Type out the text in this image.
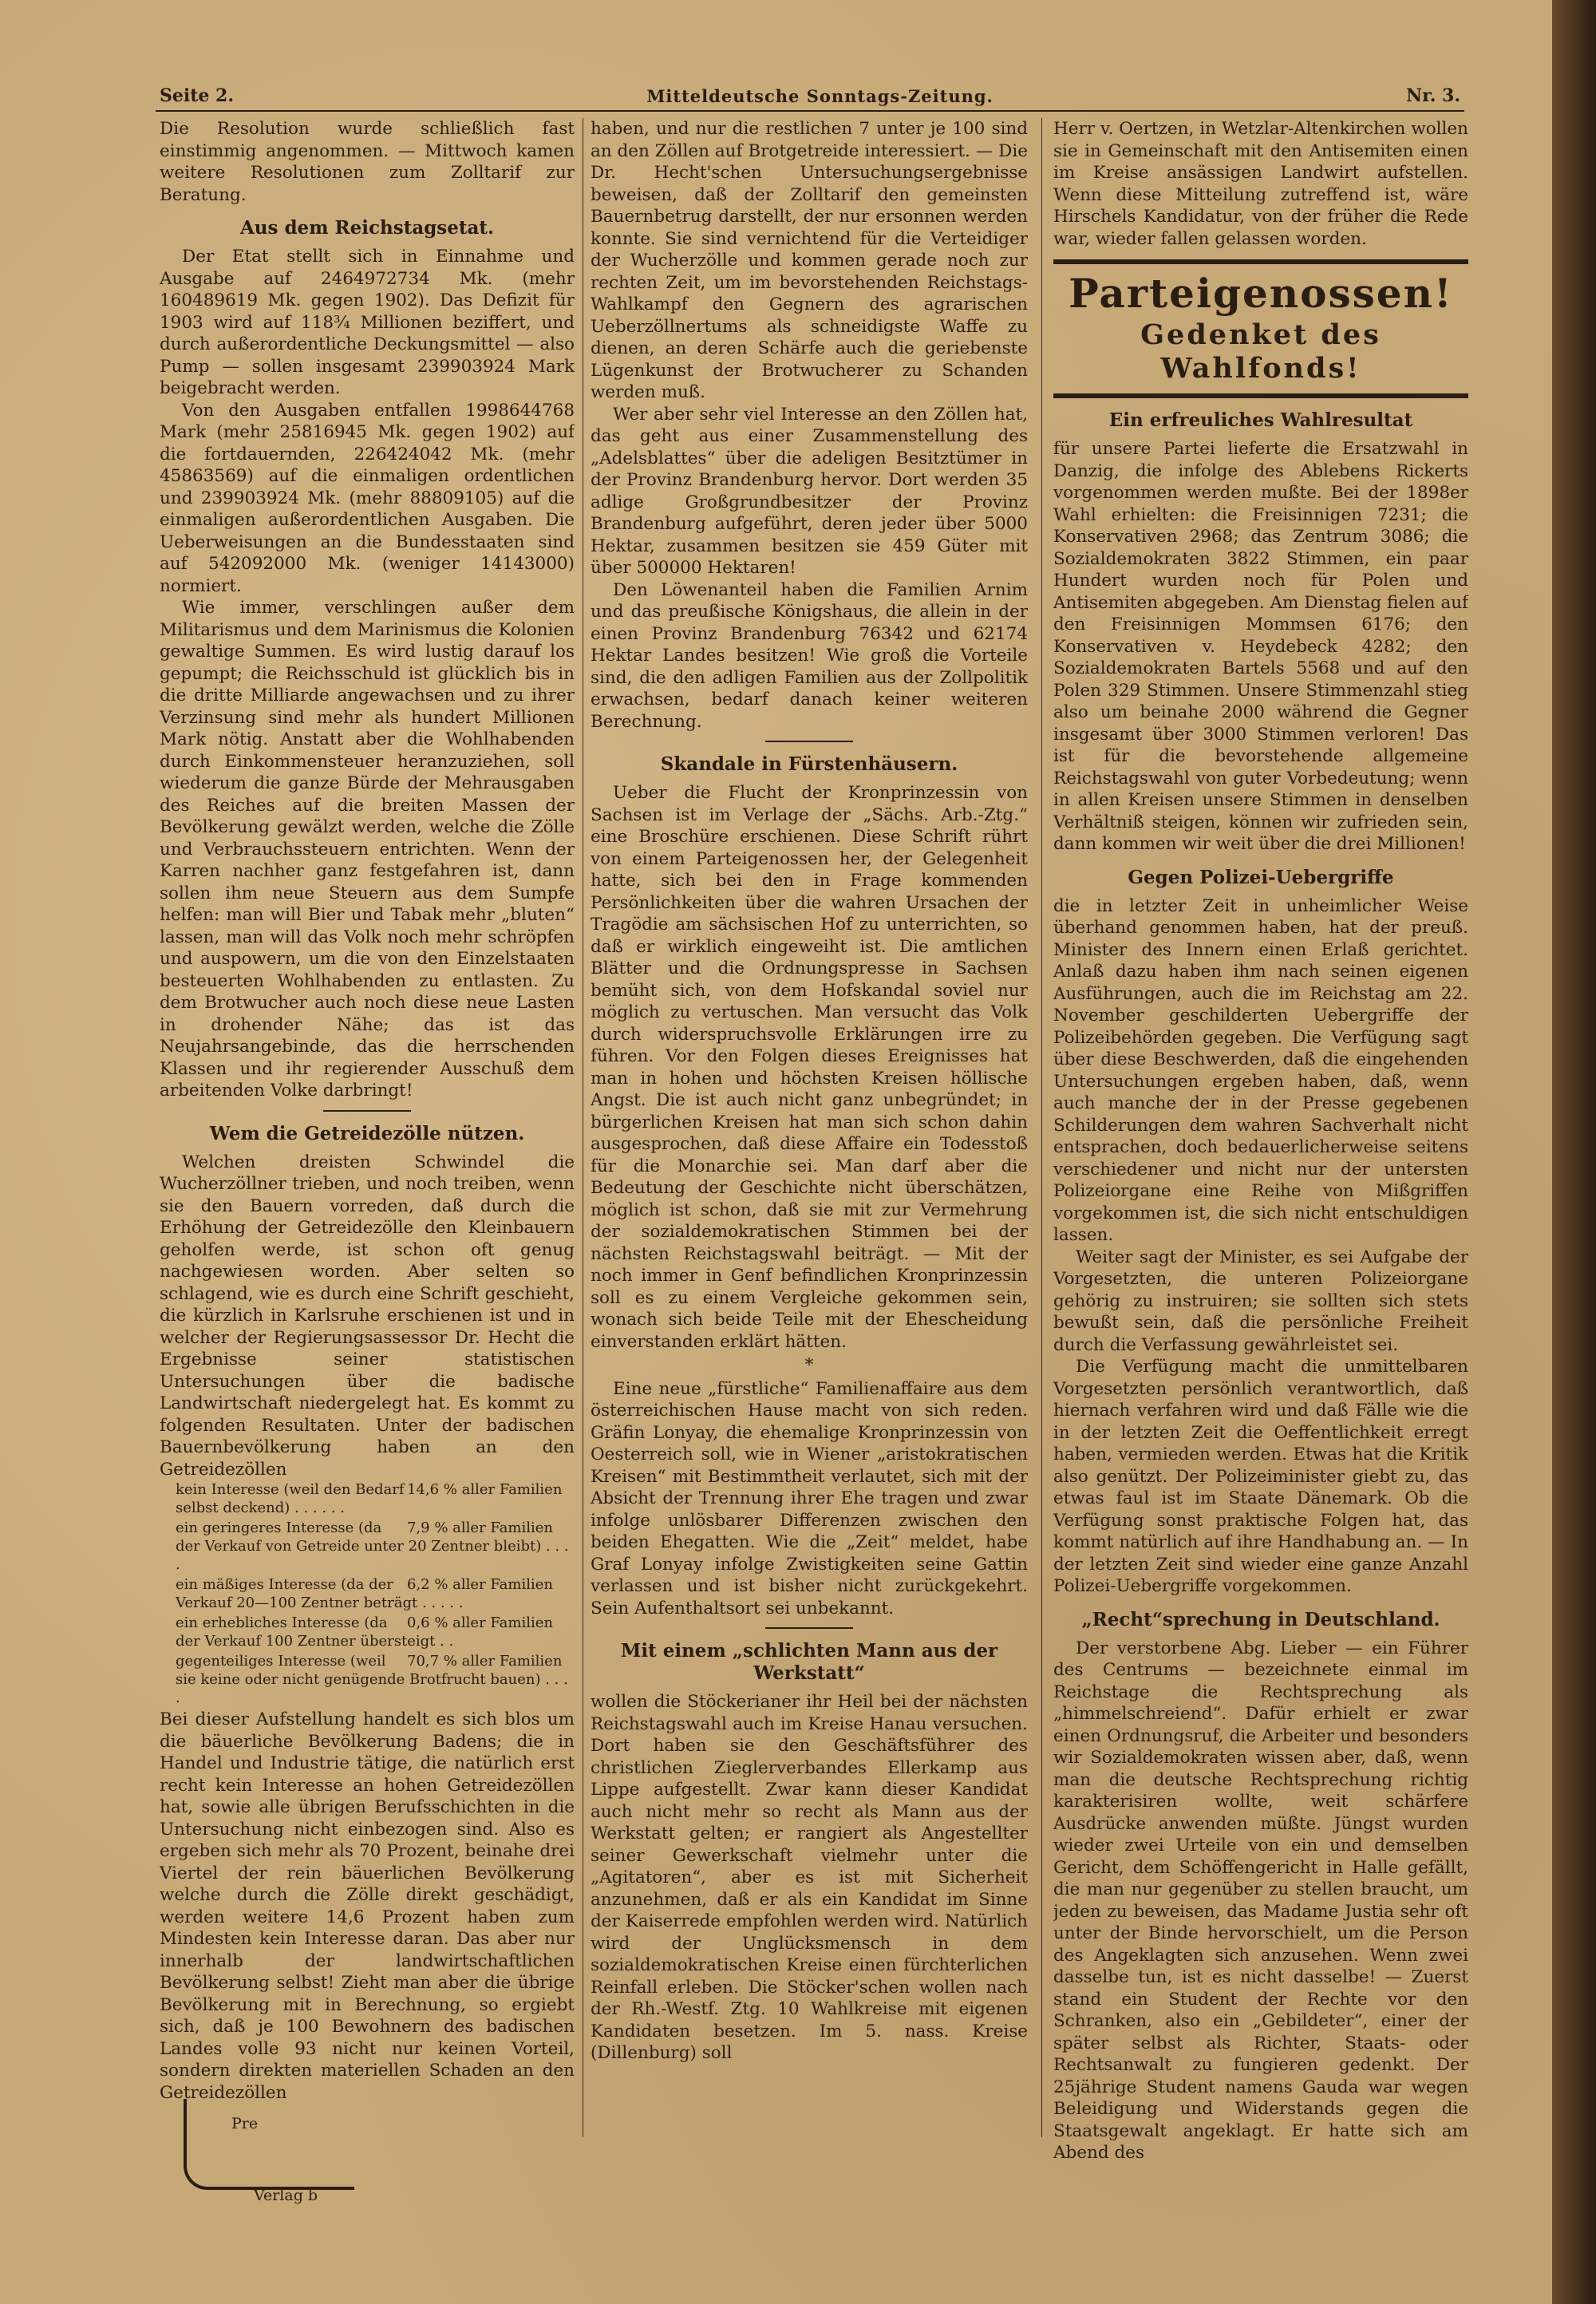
Seite 2.	Mitteldeutsche Sonntags-Zeitung.	Nr. 3.

Die Resolution wurde schließlich fast einstimmig angenommen. — Mittwoch kamen weitere Resolutionen zum Zolltarif zur Beratung.

Aus dem Reichstagsetat.

Der Etat stellt sich in Einnahme und Ausgabe auf 2464972734 Mk. (mehr 160489619 Mk. gegen 1902). Das Defizit für 1903 wird auf 118¾ Millionen beziffert, und durch außerordentliche Deckungsmittel — also Pump — sollen insgesamt 239903924 Mark beigebracht werden.

Von den Ausgaben entfallen 1998644768 Mark (mehr 25816945 Mk. gegen 1902) auf die fortdauernden, 226424042 Mk. (mehr 45863569) auf die einmaligen ordentlichen und 239903924 Mk. (mehr 88809105) auf die einmaligen außerordentlichen Ausgaben. Die Ueberweisungen an die Bundesstaaten sind auf 542092000 Mk. (weniger 14143000) normiert.

Wie immer, verschlingen außer dem Militarismus und dem Marinismus die Kolonien gewaltige Summen. Es wird lustig darauf los gepumpt; die Reichsschuld ist glücklich bis in die dritte Milliarde angewachsen und zu ihrer Verzinsung sind mehr als hundert Millionen Mark nötig. Anstatt aber die Wohlhabenden durch Einkommensteuer heranzuziehen, soll wiederum die ganze Bürde der Mehrausgaben des Reiches auf die breiten Massen der Bevölkerung gewälzt werden, welche die Zölle und Verbrauchssteuern entrichten. Wenn der Karren nachher ganz festgefahren ist, dann sollen ihm neue Steuern aus dem Sumpfe helfen: man will Bier und Tabak mehr „bluten“ lassen, man will das Volk noch mehr schröpfen und auspowern, um die von den Einzelstaaten besteuerten Wohlhabenden zu entlasten. Zu dem Brotwucher auch noch diese neue Lasten in drohender Nähe; das ist das Neujahrsangebinde, das die herrschenden Klassen und ihr regierender Ausschuß dem arbeitenden Volke darbringt!

Wem die Getreidezölle nützen.

Welchen dreisten Schwindel die Wucherzöllner trieben, und noch treiben, wenn sie den Bauern vorreden, daß durch die Erhöhung der Getreidezölle den Kleinbauern geholfen werde, ist schon oft genug nachgewiesen worden. Aber selten so schlagend, wie es durch eine Schrift geschieht, die kürzlich in Karlsruhe erschienen ist und in welcher der Regierungsassessor Dr. Hecht die Ergebnisse seiner statistischen Untersuchungen über die badische Landwirtschaft niedergelegt hat. Es kommt zu folgenden Resultaten. Unter der badischen Bauernbevölkerung haben an den Getreidezöllen

14,6 % aller Familien
kein Interesse (weil den Bedarf selbst deckend) . . . . . .
7,9 % aller Familien
ein geringeres Interesse (da der Verkauf von Getreide unter 20 Zentner bleibt) . . . .
6,2 % aller Familien
ein mäßiges Interesse (da der Verkauf 20—100 Zentner beträgt . . . . .
0,6 % aller Familien
ein erhebliches Interesse (da der Verkauf 100 Zentner übersteigt . .
70,7 % aller Familien
gegenteiliges Interesse (weil sie keine oder nicht genügende Brotfrucht bauen) . . . .

Bei dieser Aufstellung handelt es sich blos um die bäuerliche Bevölkerung Badens; die in Handel und Industrie tätige, die natürlich erst recht kein Interesse an hohen Getreidezöllen hat, sowie alle übrigen Berufsschichten in die Untersuchung nicht einbezogen sind. Also es ergeben sich mehr als 70 Prozent, beinahe drei Viertel der rein bäuerlichen Bevölkerung welche durch die Zölle direkt geschädigt, werden weitere 14,6 Prozent haben zum Mindesten kein Interesse daran. Das aber nur innerhalb der landwirtschaftlichen Bevölkerung selbst! Zieht man aber die übrige Bevölkerung mit in Berechnung, so ergiebt sich, daß je 100 Bewohnern des badischen Landes volle 93 nicht nur keinen Vorteil, sondern direkten materiellen Schaden an den Getreidezöllen

haben, und nur die restlichen 7 unter je 100 sind an den Zöllen auf Brotgetreide interessiert. — Die Dr. Hecht'schen Untersuchungsergebnisse beweisen, daß der Zolltarif den gemeinsten Bauernbetrug darstellt, der nur ersonnen werden konnte. Sie sind vernichtend für die Verteidiger der Wucherzölle und kommen gerade noch zur rechten Zeit, um im bevorstehenden Reichstags-Wahlkampf den Gegnern des agrarischen Ueberzöllnertums als schneidigste Waffe zu dienen, an deren Schärfe auch die geriebenste Lügenkunst der Brotwucherer zu Schanden werden muß.

Wer aber sehr viel Interesse an den Zöllen hat, das geht aus einer Zusammenstellung des „Adelsblattes“ über die adeligen Besitztümer in der Provinz Brandenburg hervor. Dort werden 35 adlige Großgrundbesitzer der Provinz Brandenburg aufgeführt, deren jeder über 5000 Hektar, zusammen besitzen sie 459 Güter mit über 500000 Hektaren!

Den Löwenanteil haben die Familien Arnim und das preußische Königshaus, die allein in der einen Provinz Brandenburg 76342 und 62174 Hektar Landes besitzen! Wie groß die Vorteile sind, die den adligen Familien aus der Zollpolitik erwachsen, bedarf danach keiner weiteren Berechnung.

Skandale in Fürstenhäusern.

Ueber die Flucht der Kronprinzessin von Sachsen ist im Verlage der „Sächs. Arb.-Ztg.“ eine Broschüre erschienen. Diese Schrift rührt von einem Parteigenossen her, der Gelegenheit hatte, sich bei den in Frage kommenden Persönlichkeiten über die wahren Ursachen der Tragödie am sächsischen Hof zu unterrichten, so daß er wirklich eingeweiht ist. Die amtlichen Blätter und die Ordnungspresse in Sachsen bemüht sich, von dem Hofskandal soviel nur möglich zu vertuschen. Man versucht das Volk durch widerspruchsvolle Erklärungen irre zu führen. Vor den Folgen dieses Ereignisses hat man in hohen und höchsten Kreisen höllische Angst. Die ist auch nicht ganz unbegründet; in bürgerlichen Kreisen hat man sich schon dahin ausgesprochen, daß diese Affaire ein Todesstoß für die Monarchie sei. Man darf aber die Bedeutung der Geschichte nicht überschätzen, möglich ist schon, daß sie mit zur Vermehrung der sozialdemokratischen Stimmen bei der nächsten Reichstagswahl beiträgt. — Mit der noch immer in Genf befindlichen Kronprinzessin soll es zu einem Vergleiche gekommen sein, wonach sich beide Teile mit der Ehescheidung einverstanden erklärt hätten.

*

Eine neue „fürstliche“ Familienaffaire aus dem österreichischen Hause macht von sich reden. Gräfin Lonyay, die ehemalige Kronprinzessin von Oesterreich soll, wie in Wiener „aristokratischen Kreisen“ mit Bestimmtheit verlautet, sich mit der Absicht der Trennung ihrer Ehe tragen und zwar infolge unlösbarer Differenzen zwischen den beiden Ehegatten. Wie die „Zeit“ meldet, habe Graf Lonyay infolge Zwistigkeiten seine Gattin verlassen und ist bisher nicht zurückgekehrt. Sein Aufenthaltsort sei unbekannt.

Mit einem „schlichten Mann aus der Werkstatt“

wollen die Stöckerianer ihr Heil bei der nächsten Reichstagswahl auch im Kreise Hanau versuchen. Dort haben sie den Geschäftsführer des christlichen Zieglerverbandes Ellerkamp aus Lippe aufgestellt. Zwar kann dieser Kandidat auch nicht mehr so recht als Mann aus der Werkstatt gelten; er rangiert als Angestellter seiner Gewerkschaft vielmehr unter die „Agitatoren“, aber es ist mit Sicherheit anzunehmen, daß er als ein Kandidat im Sinne der Kaiserrede empfohlen werden wird. Natürlich wird der Unglücksmensch in dem sozialdemokratischen Kreise einen fürchterlichen Reinfall erleben. Die Stöcker'schen wollen nach der Rh.-Westf. Ztg. 10 Wahlkreise mit eigenen Kandidaten besetzen. Im 5. nass. Kreise (Dillenburg) soll

Herr v. Oertzen, in Wetzlar-Altenkirchen wollen sie in Gemeinschaft mit den Antisemiten einen im Kreise ansässigen Landwirt aufstellen. Wenn diese Mitteilung zutreffend ist, wäre Hirschels Kandidatur, von der früher die Rede war, wieder fallen gelassen worden.

Parteigenossen!
Gedenket des Wahlfonds!
Ein erfreuliches Wahlresultat

für unsere Partei lieferte die Ersatzwahl in Danzig, die infolge des Ablebens Rickerts vorgenommen werden mußte. Bei der 1898er Wahl erhielten: die Freisinnigen 7231; die Konservativen 2968; das Zentrum 3086; die Sozialdemokraten 3822 Stimmen, ein paar Hundert wurden noch für Polen und Antisemiten abgegeben. Am Dienstag fielen auf den Freisinnigen Mommsen 6176; den Konservativen v. Heydebeck 4282; den Sozialdemokraten Bartels 5568 und auf den Polen 329 Stimmen. Unsere Stimmenzahl stieg also um beinahe 2000 während die Gegner insgesamt über 3000 Stimmen verloren! Das ist für die bevorstehende allgemeine Reichstagswahl von guter Vorbedeutung; wenn in allen Kreisen unsere Stimmen in denselben Verhältniß steigen, können wir zufrieden sein, dann kommen wir weit über die drei Millionen!

Gegen Polizei-Uebergriffe

die in letzter Zeit in unheimlicher Weise überhand genommen haben, hat der preuß. Minister des Innern einen Erlaß gerichtet. Anlaß dazu haben ihm nach seinen eigenen Ausführungen, auch die im Reichstag am 22. November geschilderten Uebergriffe der Polizeibehörden gegeben. Die Verfügung sagt über diese Beschwerden, daß die eingehenden Untersuchungen ergeben haben, daß, wenn auch manche der in der Presse gegebenen Schilderungen dem wahren Sachverhalt nicht entsprachen, doch bedauerlicherweise seitens verschiedener und nicht nur der untersten Polizeiorgane eine Reihe von Mißgriffen vorgekommen ist, die sich nicht entschuldigen lassen.

Weiter sagt der Minister, es sei Aufgabe der Vorgesetzten, die unteren Polizeiorgane gehörig zu instruiren; sie sollten sich stets bewußt sein, daß die persönliche Freiheit durch die Verfassung gewährleistet sei.

Die Verfügung macht die unmittelbaren Vorgesetzten persönlich verantwortlich, daß hiernach verfahren wird und daß Fälle wie die in der letzten Zeit die Oeffentlichkeit erregt haben, vermieden werden. Etwas hat die Kritik also genützt. Der Polizeiminister giebt zu, das etwas faul ist im Staate Dänemark. Ob die Verfügung sonst praktische Folgen hat, das kommt natürlich auf ihre Handhabung an. — In der letzten Zeit sind wieder eine ganze Anzahl Polizei-Uebergriffe vorgekommen.

„Recht“sprechung in Deutschland.

Der verstorbene Abg. Lieber — ein Führer des Centrums — bezeichnete einmal im Reichstage die Rechtsprechung als „himmelschreiend“. Dafür erhielt er zwar einen Ordnungsruf, die Arbeiter und besonders wir Sozialdemokraten wissen aber, daß, wenn man die deutsche Rechtsprechung richtig karakterisiren wollte, weit schärfere Ausdrücke anwenden müßte. Jüngst wurden wieder zwei Urteile von ein und demselben Gericht, dem Schöffengericht in Halle gefällt, die man nur gegenüber zu stellen braucht, um jeden zu beweisen, das Madame Justia sehr oft unter der Binde hervorschielt, um die Person des Angeklagten sich anzusehen. Wenn zwei dasselbe tun, ist es nicht dasselbe! — Zuerst stand ein Student der Rechte vor den Schranken, also ein „Gebildeter“, einer der später selbst als Richter, Staats- oder Rechtsanwalt zu fungieren gedenkt. Der 25jährige Student namens Gauda war wegen Beleidigung und Widerstands gegen die Staatsgewalt angeklagt. Er hatte sich am Abend des

Pre
Verlag b
